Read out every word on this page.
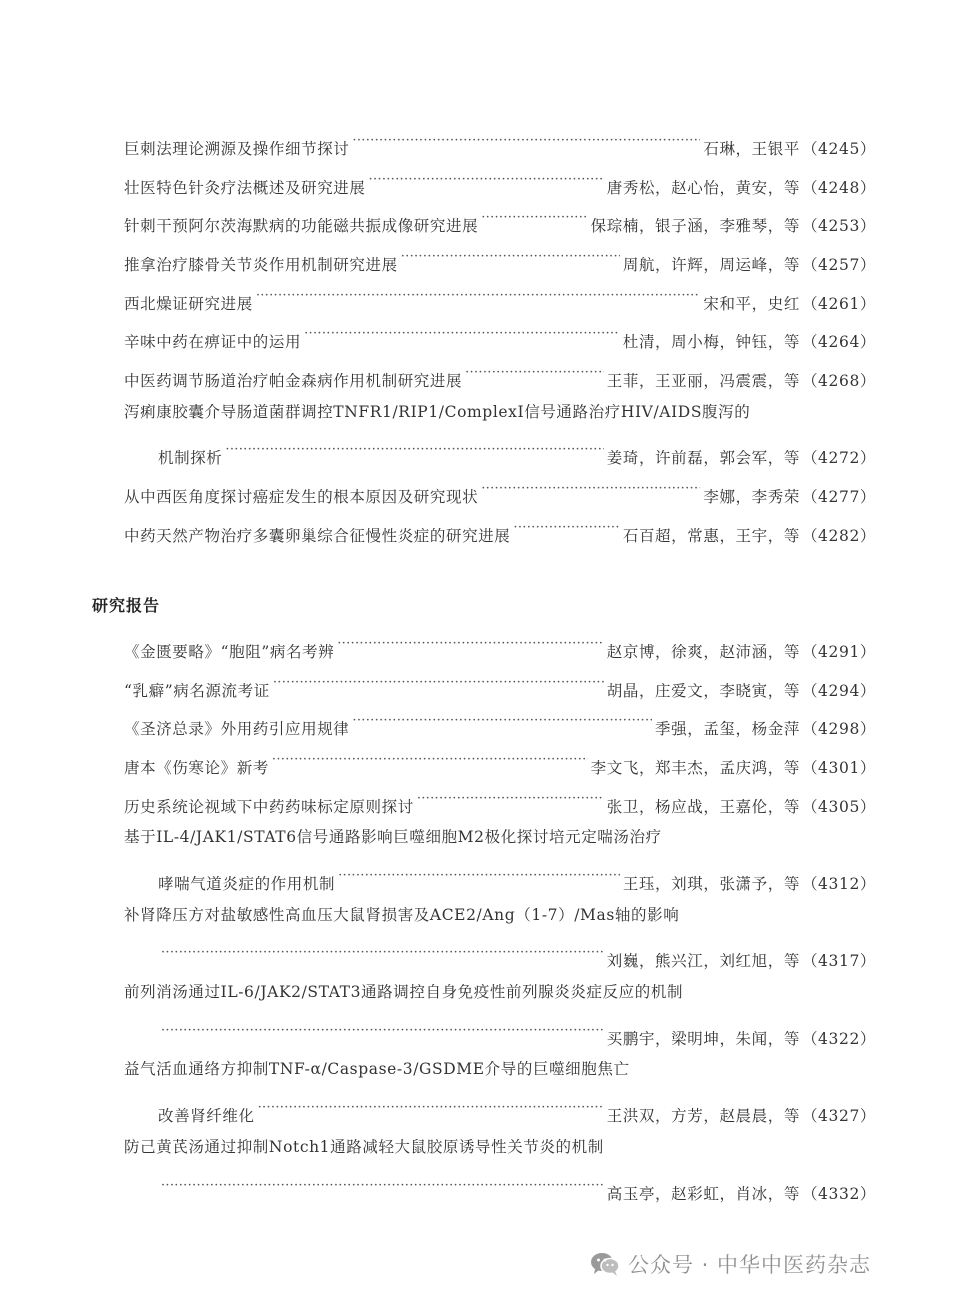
巨刺法理论溯源及操作细节探讨 ·····	石琳，王银平 （4245）
壮医特色针灸疗法概述及研究进展 ·····	唐秀松，赵心怡，黄安，等 （4248）
针刺干预阿尔茨海默病的功能磁共振成像研究进展 ·····	保琮楠，银子涵，李雅琴，等 （4253）
推拿治疗膝骨关节炎作用机制研究进展 ·····	周航，许辉，周运峰，等 （4257）
西北燥证研究进展 ·····	宋和平，史红 （4261）
辛味中药在痹证中的运用 ·····	杜清，周小梅，钟钰，等 （4264）
中医药调节肠道治疗帕金森病作用机制研究进展 ·····	王菲，王亚丽，冯震震，等 （4268）
泻痢康胶囊介导肠道菌群调控TNFR1/RIP1/ComplexⅠ信号通路治疗HIV/AIDS腹泻的
机制探析 ·····	姜琦，许前磊，郭会军，等 （4272）
从中西医角度探讨癌症发生的根本原因及研究现状 ·····	李娜，李秀荣 （4277）
中药天然产物治疗多囊卵巢综合征慢性炎症的研究进展 ·····	石百超，常惠，王宇，等 （4282）
研究报告
《金匮要略》“胞阻”病名考辨 ·····	赵京博，徐爽，赵沛涵，等 （4291）
“乳癖”病名源流考证 ·····	胡晶，庄爱文，李晓寅，等 （4294）
《圣济总录》外用药引应用规律 ·····	季强，孟玺，杨金萍 （4298）
唐本《伤寒论》新考 ·····	李文飞，郑丰杰，孟庆鸿，等 （4301）
历史系统论视域下中药药味标定原则探讨 ·····	张卫，杨应战，王嘉伦，等 （4305）
基于IL-4/JAK1/STAT6信号通路影响巨噬细胞M2极化探讨培元定喘汤治疗
哮喘气道炎症的作用机制 ·····	王珏，刘琪，张潇予，等 （4312）
补肾降压方对盐敏感性高血压大鼠肾损害及ACE2/Ang（1-7）/Mas轴的影响
·····
刘巍，熊兴江，刘红旭，等 （4317）
前列消汤通过IL-6/JAK2/STAT3通路调控自身免疫性前列腺炎炎症反应的机制
·····
买鹏宇，梁明坤，朱闻，等 （4322）
益气活血通络方抑制TNF-α/Caspase-3/GSDME介导的巨噬细胞焦亡
改善肾纤维化 ·····	王洪双，方芳，赵晨晨，等 （4327）
防己黄芪汤通过抑制Notch1通路减轻大鼠胶原诱导性关节炎的机制
·····
高玉亭，赵彩虹，肖冰，等 （4332）
公众号 · 中华中医药杂志
